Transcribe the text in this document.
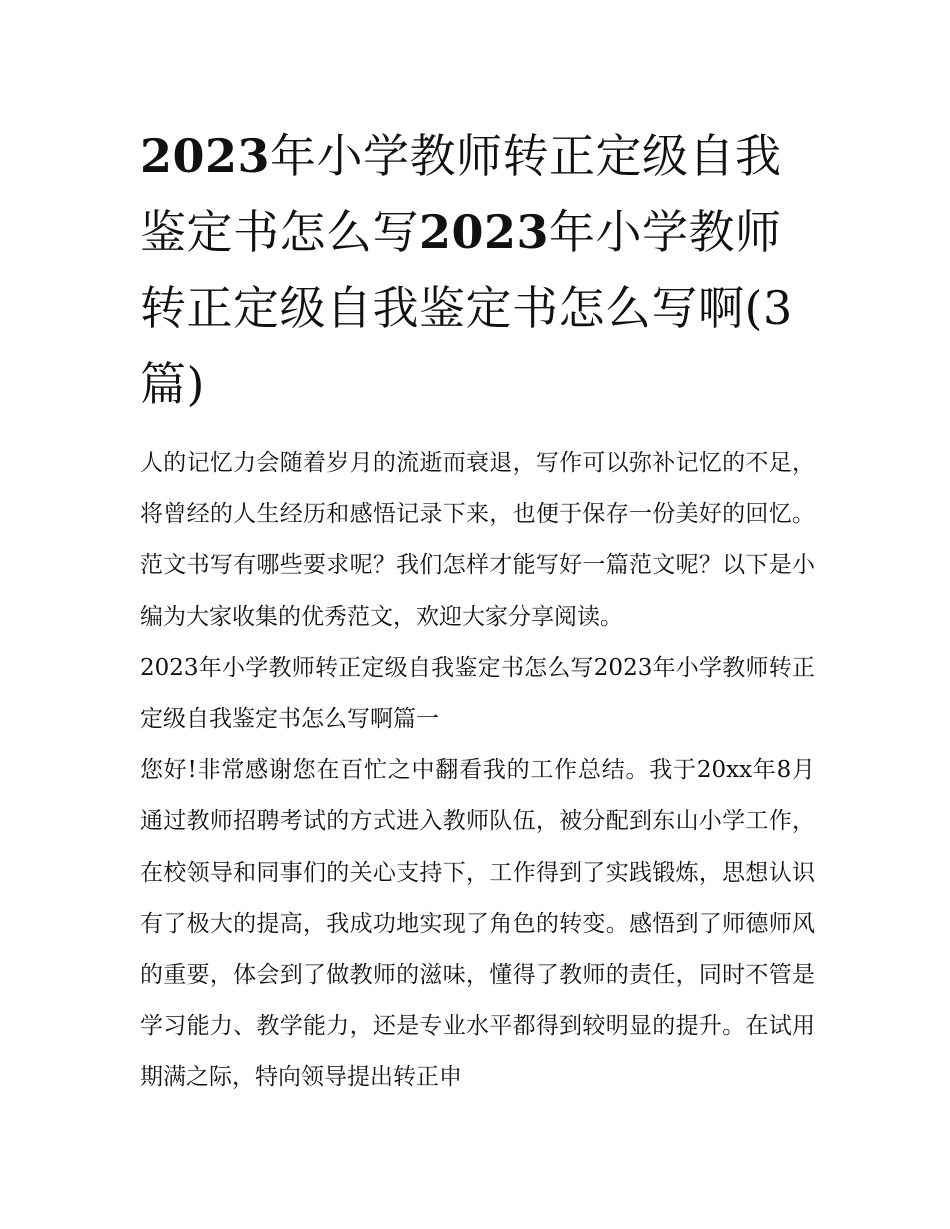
2023年小学教师转正定级自我鉴定书怎么写2023年小学教师转正定级自我鉴定书怎么写啊(3篇)

人的记忆力会随着岁月的流逝而衰退，写作可以弥补记忆的不足，将曾经的人生经历和感悟记录下来，也便于保存一份美好的回忆。范文书写有哪些要求呢？我们怎样才能写好一篇范文呢？以下是小编为大家收集的优秀范文，欢迎大家分享阅读。

2023年小学教师转正定级自我鉴定书怎么写2023年小学教师转正定级自我鉴定书怎么写啊篇一

您好!非常感谢您在百忙之中翻看我的工作总结。我于20xx年8月通过教师招聘考试的方式进入教师队伍，被分配到东山小学工作，在校领导和同事们的关心支持下，工作得到了实践锻炼，思想认识有了极大的提高，我成功地实现了角色的转变。感悟到了师德师风的重要，体会到了做教师的滋味，懂得了教师的责任，同时不管是学习能力、教学能力，还是专业水平都得到较明显的提升。在试用期满之际，特向领导提出转正申
